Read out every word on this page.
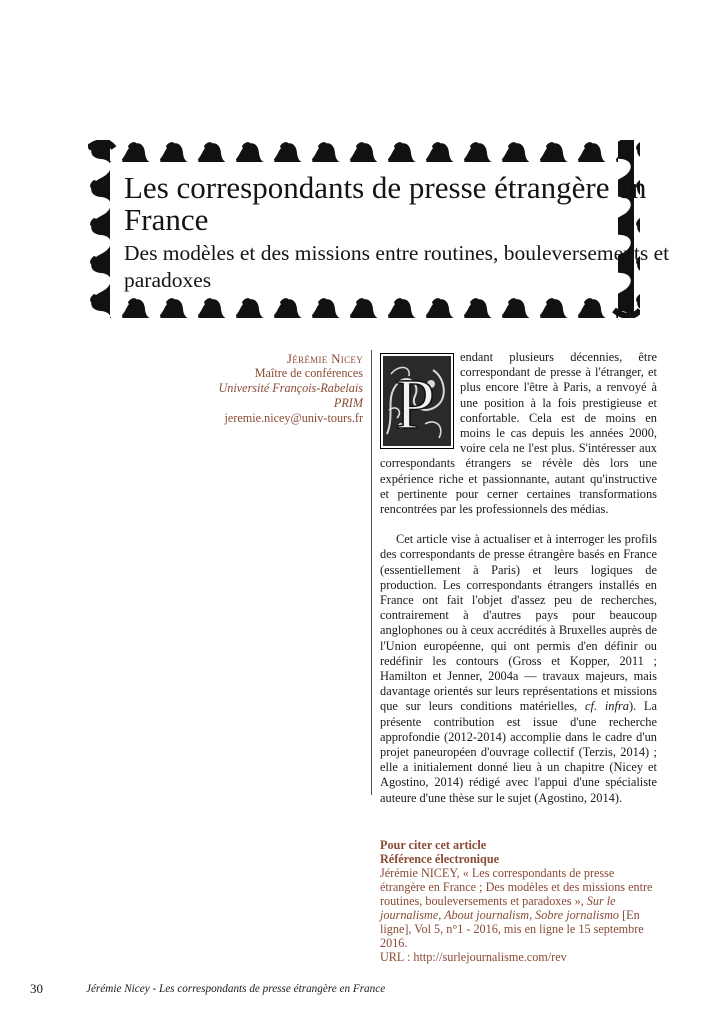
Les correspondants de presse étrangère en France
Des modèles et des missions entre routines, bouleversements et paradoxes
Jérémie Nicey
Maître de conférences
Université François-Rabelais
PRIM
jeremie.nicey@univ-tours.fr P

endant plusieurs décennies, être correspondant de presse à l'étranger, et plus encore l'être à Paris, a renvoyé à une position à la fois prestigieuse et confortable. Cela est de moins en moins le cas depuis les années 2000, voire cela ne l'est plus. S'intéresser aux correspondants étrangers se révèle dès lors une expérience riche et passionnante, autant qu'instructive et pertinente pour cerner certaines transformations rencontrées par les professionnels des médias.

Cet article vise à actualiser et à interroger les profils des correspondants de presse étrangère basés en France (essentiellement à Paris) et leurs logiques de production. Les correspondants étrangers installés en France ont fait l'objet d'assez peu de recherches, contrairement à d'autres pays pour beaucoup anglophones ou à ceux accrédités à Bruxelles auprès de l'Union européenne, qui ont permis d'en définir ou redéfinir les contours (Gross et Kopper, 2011 ; Hamilton et Jenner, 2004a — travaux majeurs, mais davantage orientés sur leurs représentations et missions que sur leurs conditions matérielles, cf. infra). La présente contribution est issue d'une recherche approfondie (2012-2014) accomplie dans le cadre d'un projet paneuropéen d'ouvrage collectif (Terzis, 2014) ; elle a initialement donné lieu à un chapitre (Nicey et Agostino, 2014) rédigé avec l'appui d'une spécialiste auteure d'une thèse sur le sujet (Agostino, 2014).

Pour citer cet article
Référence électronique
Jérémie NICEY, « Les correspondants de presse étrangère en France ; Des modèles et des missions entre routines, bouleversements et paradoxes », Sur le journalisme, About journalism, Sobre jornalismo [En ligne], Vol 5, n°1 - 2016, mis en ligne le 15 septembre 2016.
URL : http://surlejournalisme.com/rev
30	Jérémie Nicey - Les correspondants de presse étrangère en France
